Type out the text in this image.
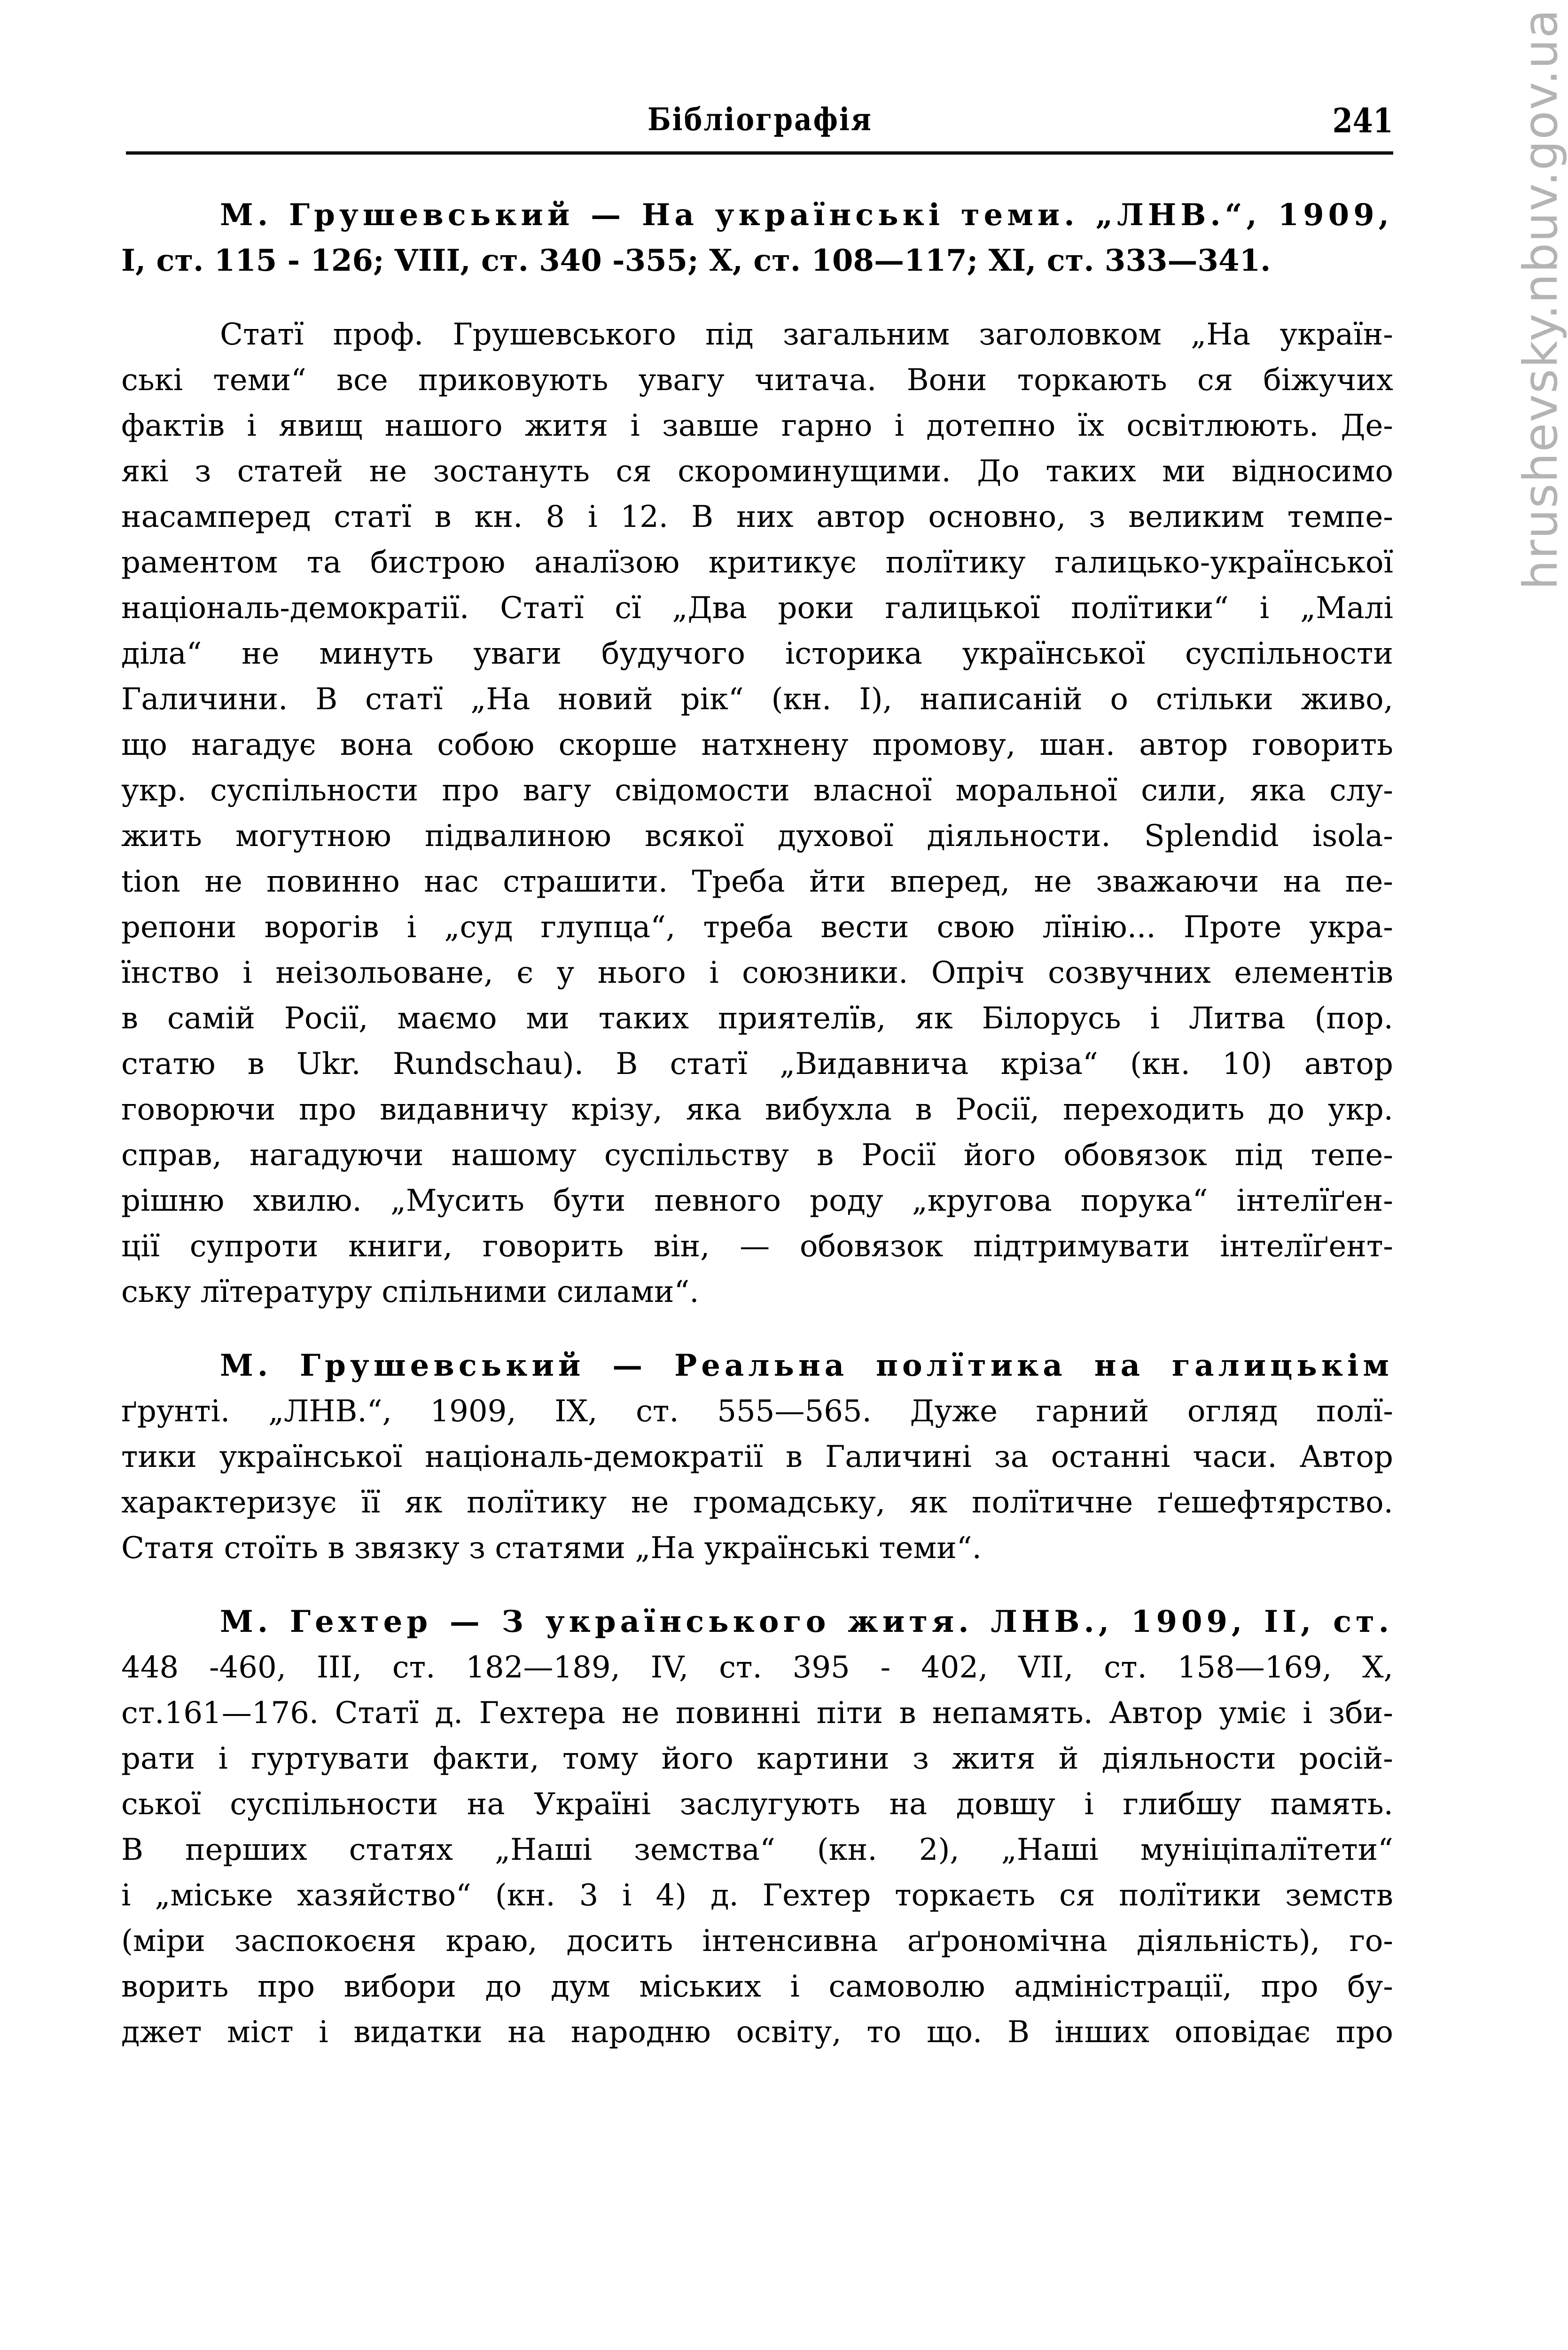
Бібліографія	241
М. Грушевський — На українські теми. „ЛНВ.“, 1909,
I, ст. 115 - 126; VIII, ст. 340 -355; X, ст. 108—117; XI, ст. 333—341.
Статї проф. Грушевського під загальним заголовком „На україн-
ські теми“ все приковують увагу читача. Вони торкають ся біжучих
фактів і явищ нашого житя і завше гарно і дотепно їх освітлюють. Де-
які з статей не зостануть ся скороминущими. До таких ми відносимо
насамперед статї в кн. 8 і 12. В них автор основно, з великим темпе-
раментом та бистрою аналїзою критикує полїтику галицько-української
національ-демократії. Статї сї „Два роки галицької полїтики“ і „Малі
діла“ не минуть уваги будучого історика української суспільности
Галичини. В статї „На новий рік“ (кн. I), написаній o стільки живо,
що нагадує вона собою скорше натхнену промову, шан. автор говорить
укр. суспільности про вагу свідомости власної моральної сили, яка слу-
жить могутною підвалиною всякої духової діяльности. Splendid isola-
tion не повинно нас страшити. Треба йти вперед, не зважаючи на пе-
репони ворогів і „суд глупца“, треба вести свою лїнію... Проте укра-
їнство і неізольоване, є у нього і союзники. Опріч созвучних елементів
в самій Росії, маємо ми таких приятелїв, як Білорусь і Литва (пор.
статю в Ukr. Rundschau). В статї „Видавнича кріза“ (кн. 10) автор
говорючи про видавничу крізу, яка вибухла в Росії, переходить до укр.
справ, нагадуючи нашому суспільству в Росії його обовязок під тепе-
рішню хвилю. „Мусить бути певного роду „кругова порука“ інтелїґен-
ції супроти книги, говорить він, — обовязок підтримувати інтелїґент-
ську лїтературу спільними силами“.
М. Грушевський — Реальна полїтика на галицькім
ґрунті. „ЛНВ.“, 1909, IX, ст. 555—565. Дуже гарний огляд полї-
тики української національ-демократії в Галичині за останні часи. Автор
характеризує її як полїтику не громадську, як полїтичне ґешефтярство.
Статя стоїть в звязку з статями „На українські теми“.
М. Гехтер — З українського житя. ЛНВ., 1909, II, ст.
448 -460, III, ст. 182—189, IV, ст. 395 - 402, VII, ст. 158—169, X,
ст.161—176. Статї д. Гехтера не повинні піти в непамять. Автор уміє і зби-
рати і гуртувати факти, тому його картини з житя й діяльности росій-
ської суспільности на Україні заслугують на довшу і глибшу память.
В перших статях „Наші земства“ (кн. 2), „Наші муніціпалїтети“
і „міське хазяйство“ (кн. 3 і 4) д. Гехтер торкаєть ся полїтики земств
(міри заспокоєня краю, досить інтенсивна аґрономічна діяльність), го-
ворить про вибори до дум міських і самоволю адміністрації, про бу-
джет міст і видатки на народню освіту, то що. В інших оповідає про
hrushevsky.nbuv.gov.ua
